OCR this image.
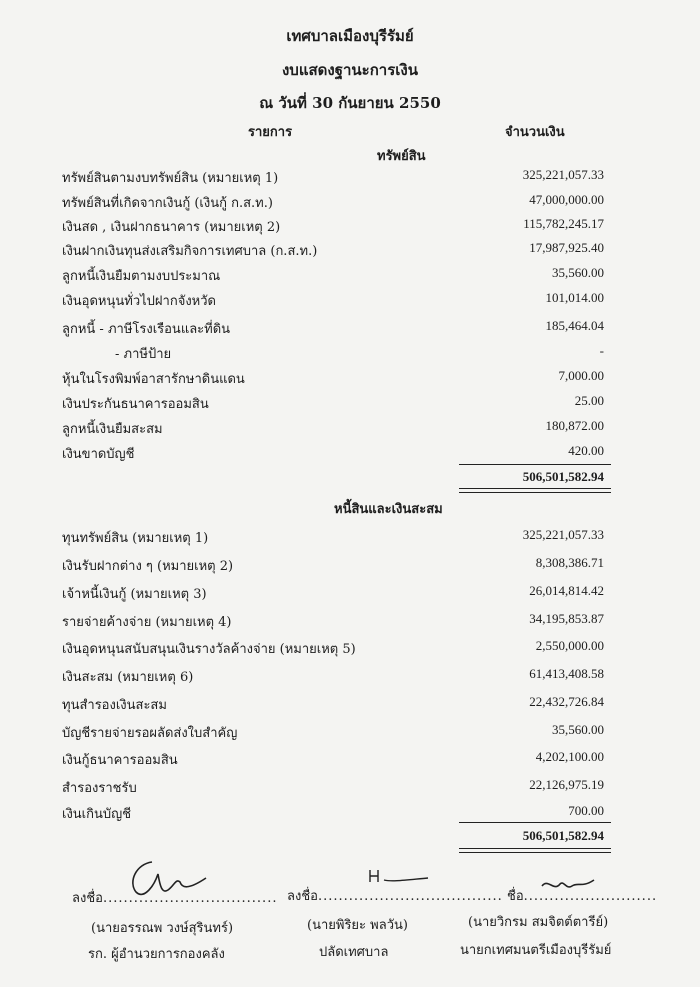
เทศบาลเมืองบุรีรัมย์
งบแสดงฐานะการเงิน
ณ วันที่ 30 กันยายน 2550
รายการ	จำนวนเงิน
ทรัพย์สิน
ทรัพย์สินตามงบทรัพย์สิน (หมายเหตุ 1)	325,221,057.33
ทรัพย์สินที่เกิดจากเงินกู้ (เงินกู้ ก.ส.ท.)	47,000,000.00
เงินสด , เงินฝากธนาคาร (หมายเหตุ 2)	115,782,245.17
เงินฝากเงินทุนส่งเสริมกิจการเทศบาล (ก.ส.ท.)	17,987,925.40
ลูกหนี้เงินยืมตามงบประมาณ	35,560.00
เงินอุดหนุนทั่วไปฝากจังหวัด	101,014.00
ลูกหนี้ - ภาษีโรงเรือนและที่ดิน	185,464.04
- ภาษีป้าย	-
หุ้นในโรงพิมพ์อาสารักษาดินแดน	7,000.00
เงินประกันธนาคารออมสิน	25.00
ลูกหนี้เงินยืมสะสม	180,872.00
เงินขาดบัญชี	420.00
506,501,582.94
หนี้สินและเงินสะสม
ทุนทรัพย์สิน (หมายเหตุ 1)	325,221,057.33
เงินรับฝากต่าง ๆ (หมายเหตุ 2)	8,308,386.71
เจ้าหนี้เงินกู้ (หมายเหตุ 3)	26,014,814.42
รายจ่ายค้างจ่าย (หมายเหตุ 4)	34,195,853.87
เงินอุดหนุนสนับสนุนเงินรางวัลค้างจ่าย (หมายเหตุ 5)	2,550,000.00
เงินสะสม (หมายเหตุ 6)	61,413,408.58
ทุนสำรองเงินสะสม	22,432,726.84
บัญชีรายจ่ายรอผลัดส่งใบสำคัญ	35,560.00
เงินกู้ธนาคารออมสิน	4,202,100.00
สำรองราชรับ	22,126,975.19
เงินเกินบัญชี	700.00
506,501,582.94
ลงชื่อ..................................
(นายอรรณพ วงษ์สุรินทร์)
รก. ผู้อำนวยการกองคลัง
ลงชื่อ....................................
(นายพิริยะ พลวัน)
ปลัดเทศบาล
ชื่อ..........................
(นายวิกรม สมจิตต์ตารีย์)
นายกเทศมนตรีเมืองบุรีรัมย์
